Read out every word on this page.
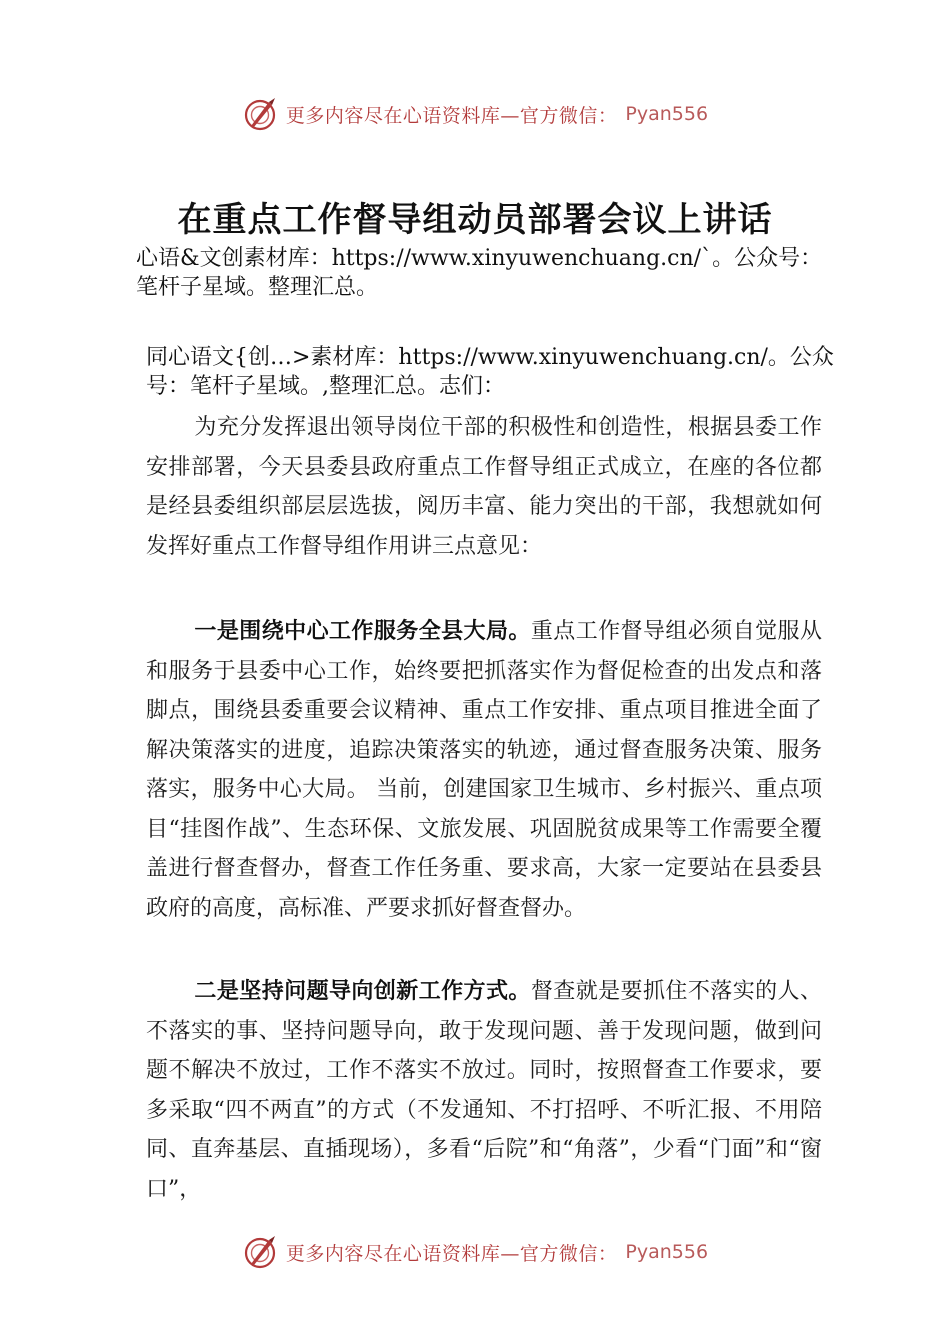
更多内容尽在心语资料库—官方微信： Pyan556
在重点工作督导组动员部署会议上讲话
心语&文创素材库：https://www.xinyuwenchuang.cn/`。公众号：笔杆子星域。整理汇总。
同心语文{创…>素材库：https://www.xinyuwenchuang.cn/。公众号：笔杆子星域。,整理汇总。志们：
为充分发挥退出领导岗位干部的积极性和创造性，根据县委工作安排部署，今天县委县政府重点工作督导组正式成立，在座的各位都是经县委组织部层层选拔，阅历丰富、能力突出的干部，我想就如何发挥好重点工作督导组作用讲三点意见：
一是围绕中心工作服务全县大局。重点工作督导组必须自觉服从和服务于县委中心工作，始终要把抓落实作为督促检查的出发点和落脚点，围绕县委重要会议精神、重点工作安排、重点项目推进全面了解决策落实的进度，追踪决策落实的轨迹，通过督查服务决策、服务落实，服务中心大局。 当前，创建国家卫生城市、乡村振兴、重点项目“挂图作战”、生态环保、文旅发展、巩固脱贫成果等工作需要全覆盖进行督查督办，督查工作任务重、要求高，大家一定要站在县委县政府的高度，高标准、严要求抓好督查督办。
二是坚持问题导向创新工作方式。督查就是要抓住不落实的人、不落实的事、坚持问题导向，敢于发现问题、善于发现问题，做到问题不解决不放过，工作不落实不放过。同时，按照督查工作要求，要多采取“四不两直”的方式（不发通知、不打招呼、不听汇报、不用陪同、直奔基层、直插现场），多看“后院”和“角落”，少看“门面”和“窗口”，
更多内容尽在心语资料库—官方微信： Pyan556
